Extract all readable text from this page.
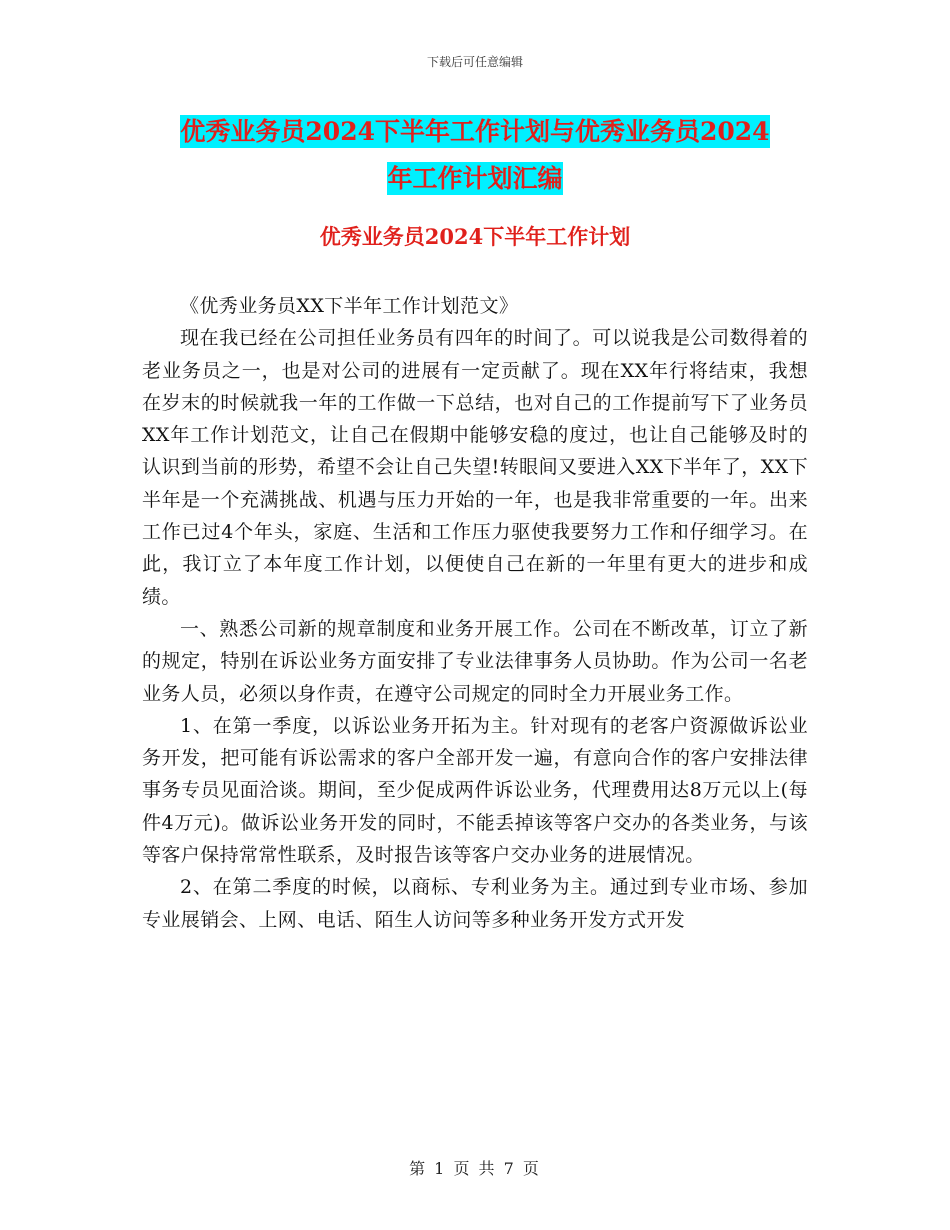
下载后可任意编辑
优秀业务员2024下半年工作计划与优秀业务员2024
年工作计划汇编
优秀业务员2024下半年工作计划

《优秀业务员XX下半年工作计划范文》

现在我已经在公司担任业务员有四年的时间了。可以说我是公司数得着的老业务员之一，也是对公司的进展有一定贡献了。现在XX年行将结束，我想在岁末的时候就我一年的工作做一下总结，也对自己的工作提前写下了业务员XX年工作计划范文，让自己在假期中能够安稳的度过，也让自己能够及时的认识到当前的形势，希望不会让自己失望!转眼间又要进入XX下半年了，XX下半年是一个充满挑战、机遇与压力开始的一年，也是我非常重要的一年。出来工作已过4个年头，家庭、生活和工作压力驱使我要努力工作和仔细学习。在此，我订立了本年度工作计划，以便使自己在新的一年里有更大的进步和成绩。

一、熟悉公司新的规章制度和业务开展工作。公司在不断改革，订立了新的规定，特别在诉讼业务方面安排了专业法律事务人员协助。作为公司一名老业务人员，必须以身作责，在遵守公司规定的同时全力开展业务工作。

1、在第一季度，以诉讼业务开拓为主。针对现有的老客户资源做诉讼业务开发，把可能有诉讼需求的客户全部开发一遍，有意向合作的客户安排法律事务专员见面洽谈。期间，至少促成两件诉讼业务，代理费用达8万元以上(每件4万元)。做诉讼业务开发的同时，不能丢掉该等客户交办的各类业务，与该等客户保持常常性联系，及时报告该等客户交办业务的进展情况。

2、在第二季度的时候，以商标、专利业务为主。通过到专业市场、参加专业展销会、上网、电话、陌生人访问等多种业务开发方式开发

第 1 页 共 7 页
